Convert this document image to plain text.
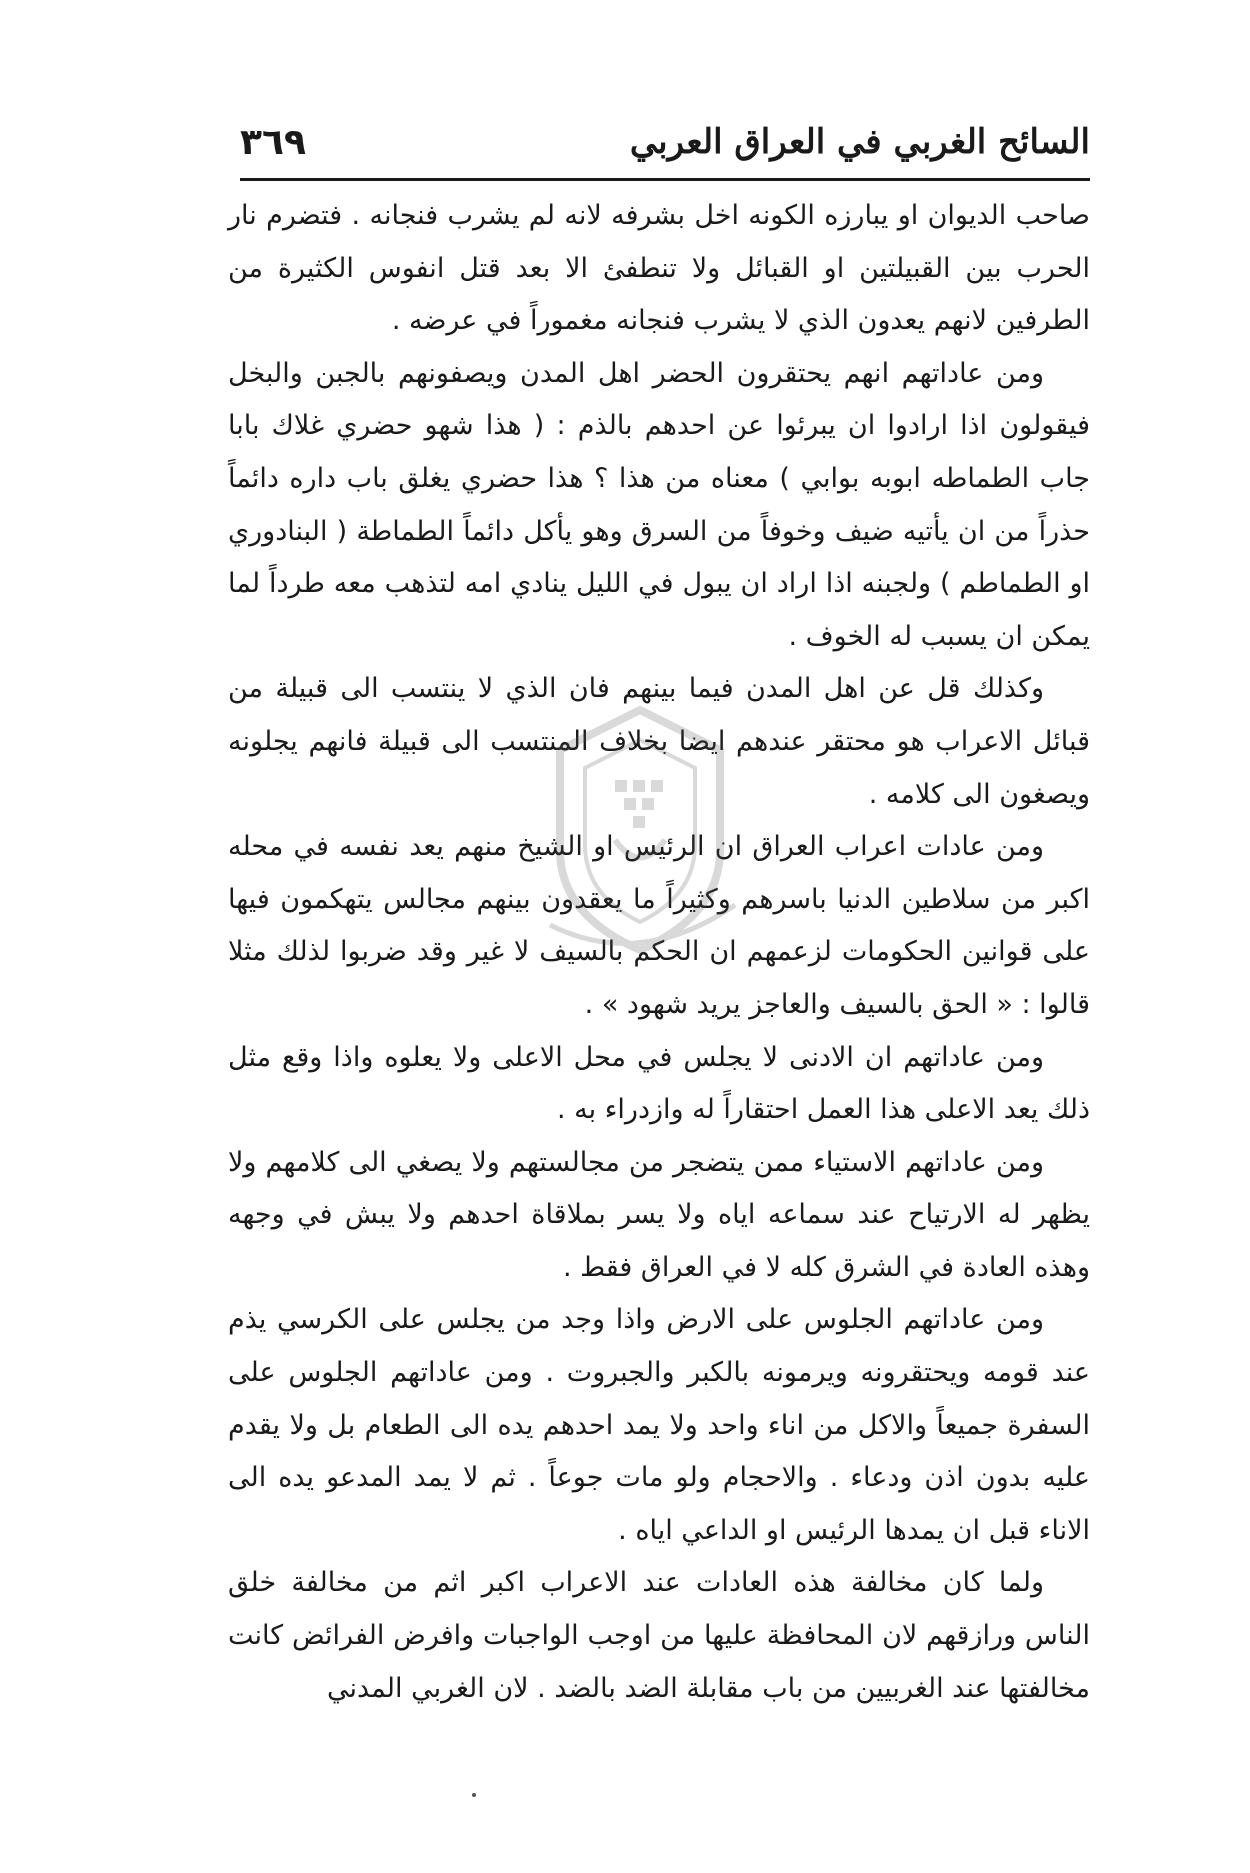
٣٦٩	السائح الغربي في العراق العربي

صاحب الديوان او يبارزه الكونه اخل بشرفه لانه لم يشرب فنجانه . فتضرم نار الحرب بين القبيلتين او القبائل ولا تنطفئ الا بعد قتل انفوس الكثيرة من الطرفين لانهم يعدون الذي لا يشرب فنجانه مغموراً في عرضه .

ومن عاداتهم انهم يحتقرون الحضر اهل المدن ويصفونهم بالجبن والبخل فيقولون اذا ارادوا ان يبرئوا عن احدهم بالذم : ( هذا شهو حضري غلاك بابا جاب الطماطه ابوبه بوابي ) معناه من هذا ؟ هذا حضري يغلق باب داره دائماً حذراً من ان يأتيه ضيف وخوفاً من السرق وهو يأكل دائماً الطماطة ( البنادوري او الطماطم ) ولجبنه اذا اراد ان يبول في الليل ينادي امه لتذهب معه طرداً لما يمكن ان يسبب له الخوف .

وكذلك قل عن اهل المدن فيما بينهم فان الذي لا ينتسب الى قبيلة من قبائل الاعراب هو محتقر عندهم ايضا بخلاف المنتسب الى قبيلة فانهم يجلونه ويصغون الى كلامه .

ومن عادات اعراب العراق ان الرئيس او الشيخ منهم يعد نفسه في محله اكبر من سلاطين الدنيا باسرهم وكثيراً ما يعقدون بينهم مجالس يتهكمون فيها على قوانين الحكومات لزعمهم ان الحكم بالسيف لا غير وقد ضربوا لذلك مثلا قالوا : « الحق بالسيف والعاجز يريد شهود » .

ومن عاداتهم ان الادنى لا يجلس في محل الاعلى ولا يعلوه واذا وقع مثل ذلك يعد الاعلى هذا العمل احتقاراً له وازدراء به .

ومن عاداتهم الاستياء ممن يتضجر من مجالستهم ولا يصغي الى كلامهم ولا يظهر له الارتياح عند سماعه اياه ولا يسر بملاقاة احدهم ولا يبش في وجهه وهذه العادة في الشرق كله لا في العراق فقط .

ومن عاداتهم الجلوس على الارض واذا وجد من يجلس على الكرسي يذم عند قومه ويحتقرونه ويرمونه بالكبر والجبروت . ومن عاداتهم الجلوس على السفرة جميعاً والاكل من اناء واحد ولا يمد احدهم يده الى الطعام بل ولا يقدم عليه بدون اذن ودعاء . والاحجام ولو مات جوعاً . ثم لا يمد المدعو يده الى الاناء قبل ان يمدها الرئيس او الداعي اياه .

ولما كان مخالفة هذه العادات عند الاعراب اكبر اثم من مخالفة خلق الناس ورازقهم لان المحافظة عليها من اوجب الواجبات وافرض الفرائض كانت مخالفتها عند الغربيين من باب مقابلة الضد بالضد . لان الغربي المدني
